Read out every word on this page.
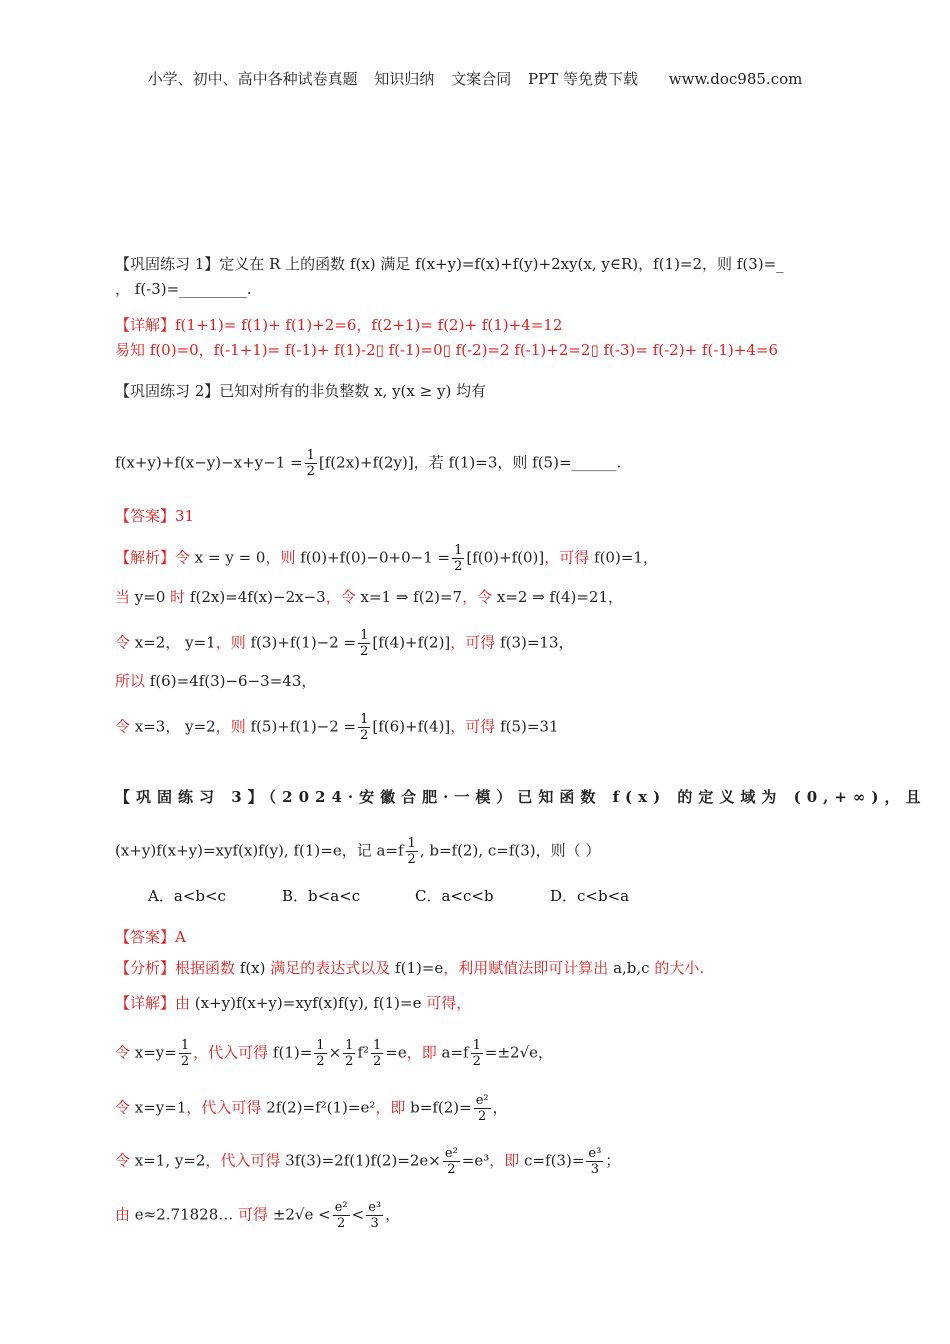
小学、初中、高中各种试卷真题 知识归纳 文案合同 PPT 等免费下载 www.doc985.com
【巩固练习 1】定义在 R 上的函数 f(x) 满足 f(x+y)=f(x)+f(y)+2xy(x, y∈R)，f(1)=2，则 f(3)=_
， f(-3)=_________.
【详解】f(1+1)= f(1)+ f(1)+2=6，f(2+1)= f(2)+ f(1)+4=12
易知 f(0)=0，f(-1+1)= f(-1)+ f(1)-2▯ f(-1)=0▯ f(-2)=2 f(-1)+2=2▯ f(-3)= f(-2)+ f(-1)+4=6
【巩固练习 2】已知对所有的非负整数 x, y(x ≥ y) 均有
$f(x+y)+f(x-y)-x+y-1 = \frac{1}{2} [f(2x)+f(2y)]$，若 f(1)=3，则 f(5)=______.
【答案】31
【解析】令 x = y = 0，则 $f(0)+f(0)-0+0-1 = \frac{1}{2} [f(0)+f(0)]$，可得 f(0)=1，
当 y=0 时 f(2x)=4f(x)−2x−3，令 x=1 ⇒ f(2)=7，令 x=2 ⇒ f(4)=21，
令 x=2， y=1，则 $f(3)+f(1)-2 = \frac{1}{2} [f(4)+f(2)]$，可得 f(3)=13，
所以 f(6)=4f(3)−6−3=43，
令 x=3， y=2，则 $f(5)+f(1)-2 = \frac{1}{2} [f(6)+f(4)]$，可得 f(5)=31
【巩固练习 3】（2024·安徽合肥·一模）已知函数 f(x) 的定义域为 (0,+∞)，且
(x+y)f(x+y)=xyf(x)f(y), f(1)=e，记 $a=f \frac{1}{2}$ , b=f(2), c=f(3)，则（ ）
A．a<b<c	B．b<a<c	C．a<c<b	D．c<b<a
【答案】A
【分析】根据函数 f(x) 满足的表达式以及 f(1)=e，利用赋值法即可计算出 a,b,c 的大小.
【详解】由 (x+y)f(x+y)=xyf(x)f(y), f(1)=e 可得，
令 $x=y= \frac{1}{2}$ ，代入可得 $f(1)= \frac{1}{2} \times \frac{1}{2} f^2 \frac{1}{2} =e$，即 $a=f \frac{1}{2} =\pm 2√e$，
令 x=y=1，代入可得 2f(2)=f²(1)=e²，即 $b=f(2)= \frac{\text{e²}}{2}$ ，
令 x=1, y=2，代入可得 $3f(3)=2f(1)f(2)=2e\times \frac{\text{e²}}{2} =e^3$，即 $c=f(3)= \frac{\text{e³}}{3}$ ；
由 e≈2.71828… 可得 $\pm 2√e < \frac{\text{e²}}{2} < \frac{\text{e³}}{3}$ ，
